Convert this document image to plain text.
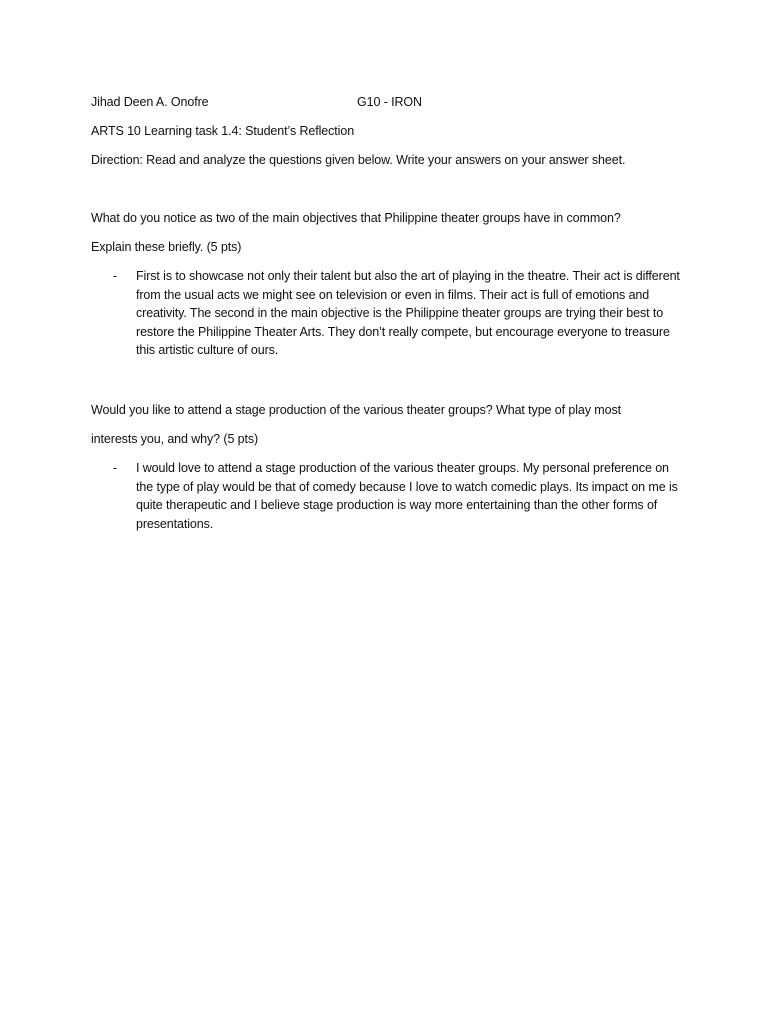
Jihad Deen A. Onofre	G10 - IRON
ARTS 10 Learning task 1.4: Student’s Reflection
Direction: Read and analyze the questions given below. Write your answers on your answer sheet.
What do you notice as two of the main objectives that Philippine theater groups have in common?
Explain these briefly. (5 pts)
- First is to showcase not only their talent but also the art of playing in the theatre. Their act is different from the usual acts we might see on television or even in films. Their act is full of emotions and creativity. The second in the main objective is the Philippine theater groups are trying their best to restore the Philippine Theater Arts. They don’t really compete, but encourage everyone to treasure this artistic culture of ours.
Would you like to attend a stage production of the various theater groups? What type of play most
interests you, and why? (5 pts)
- I would love to attend a stage production of the various theater groups. My personal preference on the type of play would be that of comedy because I love to watch comedic plays. Its impact on me is quite therapeutic and I believe stage production is way more entertaining than the other forms of presentations.
